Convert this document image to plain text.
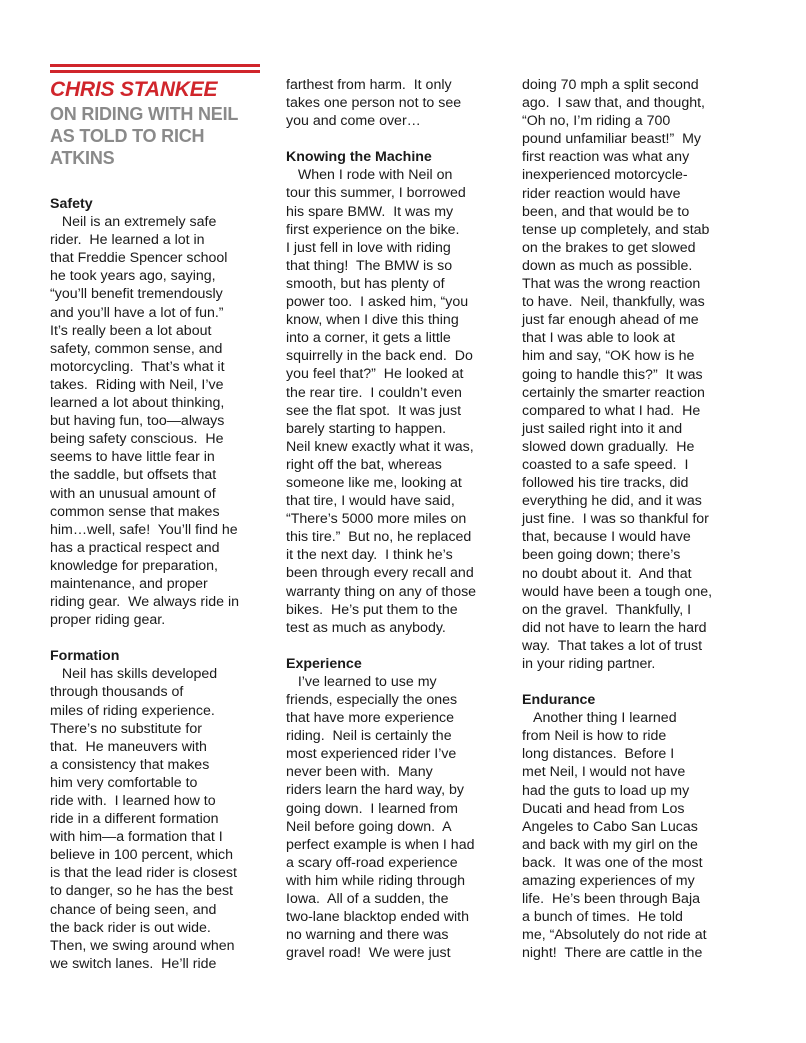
CHRIS STANKEE
ON RIDING WITH NEIL
AS TOLD TO RICH
ATKINS
Safety
Neil is an extremely safe
rider.  He learned a lot in
that Freddie Spencer school
he took years ago, saying,
“you’ll benefit tremendously
and you’ll have a lot of fun.”
It’s really been a lot about
safety, common sense, and
motorcycling.  That’s what it
takes.  Riding with Neil, I’ve
learned a lot about thinking,
but having fun, too—always
being safety conscious.  He
seems to have little fear in
the saddle, but offsets that
with an unusual amount of
common sense that makes
him…well, safe!  You’ll find he
has a practical respect and
knowledge for preparation,
maintenance, and proper
riding gear.  We always ride in
proper riding gear.
Formation
Neil has skills developed
through thousands of
miles of riding experience.
There’s no substitute for
that.  He maneuvers with
a consistency that makes
him very comfortable to
ride with.  I learned how to
ride in a different formation
with him—a formation that I
believe in 100 percent, which
is that the lead rider is closest
to danger, so he has the best
chance of being seen, and
the back rider is out wide.
Then, we swing around when
we switch lanes.  He’ll ride
farthest from harm.  It only
takes one person not to see
you and come over…
Knowing the Machine
When I rode with Neil on
tour this summer, I borrowed
his spare BMW.  It was my
first experience on the bike.
I just fell in love with riding
that thing!  The BMW is so
smooth, but has plenty of
power too.  I asked him, “you
know, when I dive this thing
into a corner, it gets a little
squirrelly in the back end.  Do
you feel that?”  He looked at
the rear tire.  I couldn’t even
see the flat spot.  It was just
barely starting to happen.
Neil knew exactly what it was,
right off the bat, whereas
someone like me, looking at
that tire, I would have said,
“There’s 5000 more miles on
this tire.”  But no, he replaced
it the next day.  I think he’s
been through every recall and
warranty thing on any of those
bikes.  He’s put them to the
test as much as anybody.
Experience
I’ve learned to use my
friends, especially the ones
that have more experience
riding.  Neil is certainly the
most experienced rider I’ve
never been with.  Many
riders learn the hard way, by
going down.  I learned from
Neil before going down.  A
perfect example is when I had
a scary off-road experience
with him while riding through
Iowa.  All of a sudden, the
two-lane blacktop ended with
no warning and there was
gravel road!  We were just
doing 70 mph a split second
ago.  I saw that, and thought,
“Oh no, I’m riding a 700
pound unfamiliar beast!”  My
first reaction was what any
inexperienced motorcycle-
rider reaction would have
been, and that would be to
tense up completely, and stab
on the brakes to get slowed
down as much as possible.
That was the wrong reaction
to have.  Neil, thankfully, was
just far enough ahead of me
that I was able to look at
him and say, “OK how is he
going to handle this?”  It was
certainly the smarter reaction
compared to what I had.  He
just sailed right into it and
slowed down gradually.  He
coasted to a safe speed.  I
followed his tire tracks, did
everything he did, and it was
just fine.  I was so thankful for
that, because I would have
been going down; there’s
no doubt about it.  And that
would have been a tough one,
on the gravel.  Thankfully, I
did not have to learn the hard
way.  That takes a lot of trust
in your riding partner.
Endurance
Another thing I learned
from Neil is how to ride
long distances.  Before I
met Neil, I would not have
had the guts to load up my
Ducati and head from Los
Angeles to Cabo San Lucas
and back with my girl on the
back.  It was one of the most
amazing experiences of my
life.  He’s been through Baja
a bunch of times.  He told
me, “Absolutely do not ride at
night!  There are cattle in the
